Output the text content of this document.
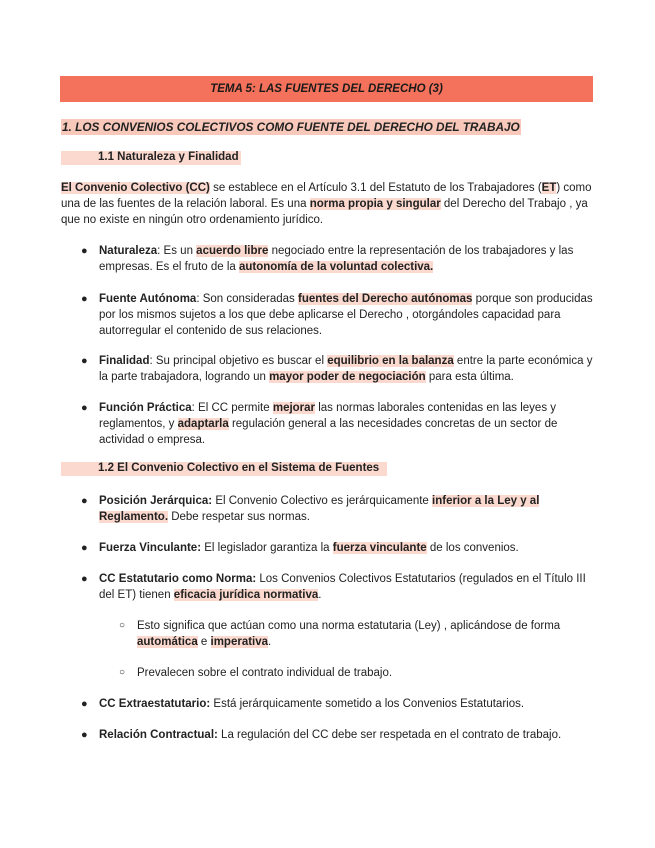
TEMA 5: LAS FUENTES DEL DERECHO (3)
1. LOS CONVENIOS COLECTIVOS COMO FUENTE DEL DERECHO DEL TRABAJO
1.1 Naturaleza y Finalidad
El Convenio Colectivo (CC) se establece en el Artículo 3.1 del Estatuto de los Trabajadores (ET) como una de las fuentes de la relación laboral. Es una norma propia y singular del Derecho del Trabajo , ya que no existe en ningún otro ordenamiento jurídico.
● Naturaleza: Es un acuerdo libre negociado entre la representación de los trabajadores y las empresas. Es el fruto de la autonomía de la voluntad colectiva.
● Fuente Autónoma: Son consideradas fuentes del Derecho autónomas porque son producidas por los mismos sujetos a los que debe aplicarse el Derecho , otorgándoles capacidad para autorregular el contenido de sus relaciones.
● Finalidad: Su principal objetivo es buscar el equilibrio en la balanza entre la parte económica y la parte trabajadora, logrando un mayor poder de negociación para esta última.
● Función Práctica: El CC permite mejorar las normas laborales contenidas en las leyes y reglamentos, y adaptarla regulación general a las necesidades concretas de un sector de actividad o empresa.
1.2 El Convenio Colectivo en el Sistema de Fuentes
● Posición Jerárquica: El Convenio Colectivo es jerárquicamente inferior a la Ley y al Reglamento. Debe respetar sus normas.
● Fuerza Vinculante: El legislador garantiza la fuerza vinculante de los convenios.
● CC Estatutario como Norma: Los Convenios Colectivos Estatutarios (regulados en el Título III del ET) tienen eficacia jurídica normativa.
○ Esto significa que actúan como una norma estatutaria (Ley) , aplicándose de forma automática e imperativa.
○ Prevalecen sobre el contrato individual de trabajo.
● CC Extraestatutario: Está jerárquicamente sometido a los Convenios Estatutarios.
● Relación Contractual: La regulación del CC debe ser respetada en el contrato de trabajo.
